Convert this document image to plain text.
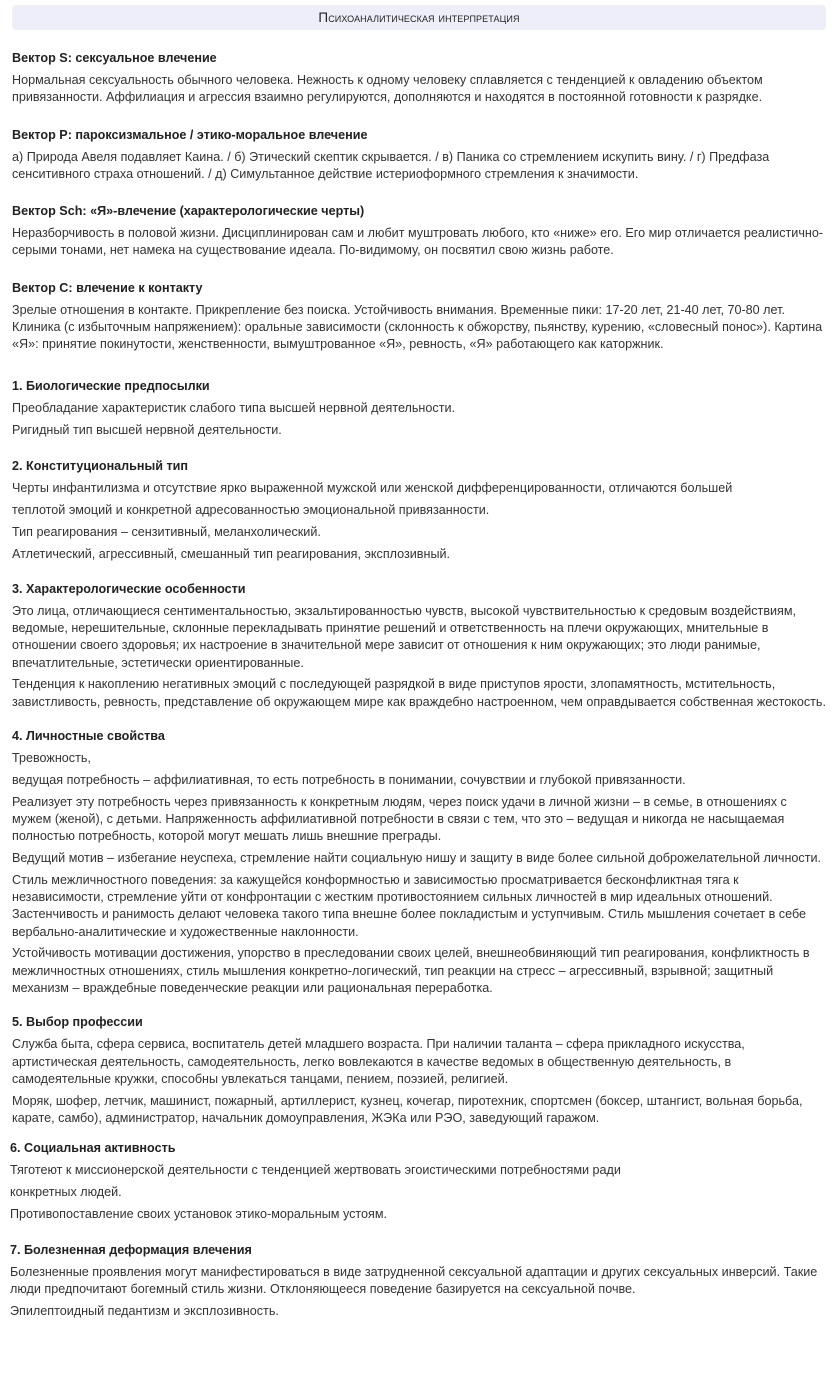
Психоаналитическая интерпретация
Вектор S: сексуальное влечение

Нормальная сексуальность обычного человека. Нежность к одному человеку сплавляется с тенденцией к овладению объектом привязанности. Аффилиация и агрессия взаимно регулируются, дополняются и находятся в постоянной готовности к разрядке.

Вектор P: пароксизмальное / этико-моральное влечение

а) Природа Авеля подавляет Каина. / б) Этический скептик скрывается. / в) Паника со стремлением искупить вину. / г) Предфаза сенситивного страха отношений. / д) Симультанное действие истериоформного стремления к значимости.

Вектор Sch: «Я»-влечение (характерологические черты)

Неразборчивость в половой жизни. Дисциплинирован сам и любит муштровать любого, кто «ниже» его. Его мир отличается реалистично-серыми тонами, нет намека на существование идеала. По-видимому, он посвятил свою жизнь работе.

Вектор C: влечение к контакту

Зрелые отношения в контакте. Прикрепление без поиска. Устойчивость внимания. Временные пики: 17-20 лет, 21-40 лет, 70-80 лет. Клиника (с избыточным напряжением): оральные зависимости (склонность к обжорству, пьянству, курению, «словесный понос»). Картина «Я»: принятие покинутости, женственности, вымуштрованное «Я», ревность, «Я» работающего как каторжник.

1. Биологические предпосылки

Преобладание характеристик слабого типа высшей нервной деятельности.

Ригидный тип высшей нервной деятельности.

2. Конституциональный тип

Черты инфантилизма и отсутствие ярко выраженной мужской или женской дифференцированности, отличаются большей

теплотой эмоций и конкретной адресованностью эмоциональной привязанности.

Тип реагирования – сензитивный, меланхолический.

Атлетический, агрессивный, смешанный тип реагирования, эксплозивный.

3. Характерологические особенности

Это лица, отличающиеся сентиментальностью, экзальтированностью чувств, высокой чувствительностью к средовым воздействиям, ведомые, нерешительные, склонные перекладывать принятие решений и ответственность на плечи окружающих, мнительные в отношении своего здоровья; их настроение в значительной мере зависит от отношения к ним окружающих; это люди ранимые, впечатлительные, эстетически ориентированные.

Тенденция к накоплению негативных эмоций с последующей разрядкой в виде приступов ярости, злопамятность, мстительность, завистливость, ревность, представление об окружающем мире как враждебно настроенном, чем оправдывается собственная жестокость.

4. Личностные свойства

Тревожность,

ведущая потребность – аффилиативная, то есть потребность в понимании, сочувствии и глубокой привязанности.

Реализует эту потребность через привязанность к конкретным людям, через поиск удачи в личной жизни – в семье, в отношениях с мужем (женой), с детьми. Напряженность аффилиативной потребности в связи с тем, что это – ведущая и никогда не насыщаемая полностью потребность, которой могут мешать лишь внешние преграды.

Ведущий мотив – избегание неуспеха, стремление найти социальную нишу и защиту в виде более сильной доброжелательной личности.

Стиль межличностного поведения: за кажущейся конформностью и зависимостью просматривается бесконфликтная тяга к независимости, стремление уйти от конфронтации с жестким противостоянием сильных личностей в мир идеальных отношений. Застенчивость и ранимость делают человека такого типа внешне более покладистым и уступчивым. Стиль мышления сочетает в себе вербально-аналитические и художественные наклонности.

Устойчивость мотивации достижения, упорство в преследовании своих целей, внешнеобвиняющий тип реагирования, конфликтность в межличностных отношениях, стиль мышления конкретно-логический, тип реакции на стресс – агрессивный, взрывной; защитный механизм – враждебные поведенческие реакции или рациональная переработка.

5. Выбор профессии

Служба быта, сфера сервиса, воспитатель детей младшего возраста. При наличии таланта – сфера прикладного искусства, артистическая деятельность, самодеятельность, легко вовлекаются в качестве ведомых в общественную деятельность, в самодеятельные кружки, способны увлекаться танцами, пением, поэзией, религией.

Моряк, шофер, летчик, машинист, пожарный, артиллерист, кузнец, кочегар, пиротехник, спортсмен (боксер, штангист, вольная борьба, карате, самбо), администратор, начальник домоуправления, ЖЭКа или РЭО, заведующий гаражом.

6. Социальная активность

Тяготеют к миссионерской деятельности с тенденцией жертвовать эгоистическими потребностями ради

конкретных людей.

Противопоставление своих установок этико-моральным устоям.

7. Болезненная деформация влечения

Болезненные проявления могут манифестироваться в виде затрудненной сексуальной адаптации и других сексуальных инверсий. Такие люди предпочитают богемный стиль жизни. Отклоняющееся поведение базируется на сексуальной почве.

Эпилептоидный педантизм и эксплозивность.
